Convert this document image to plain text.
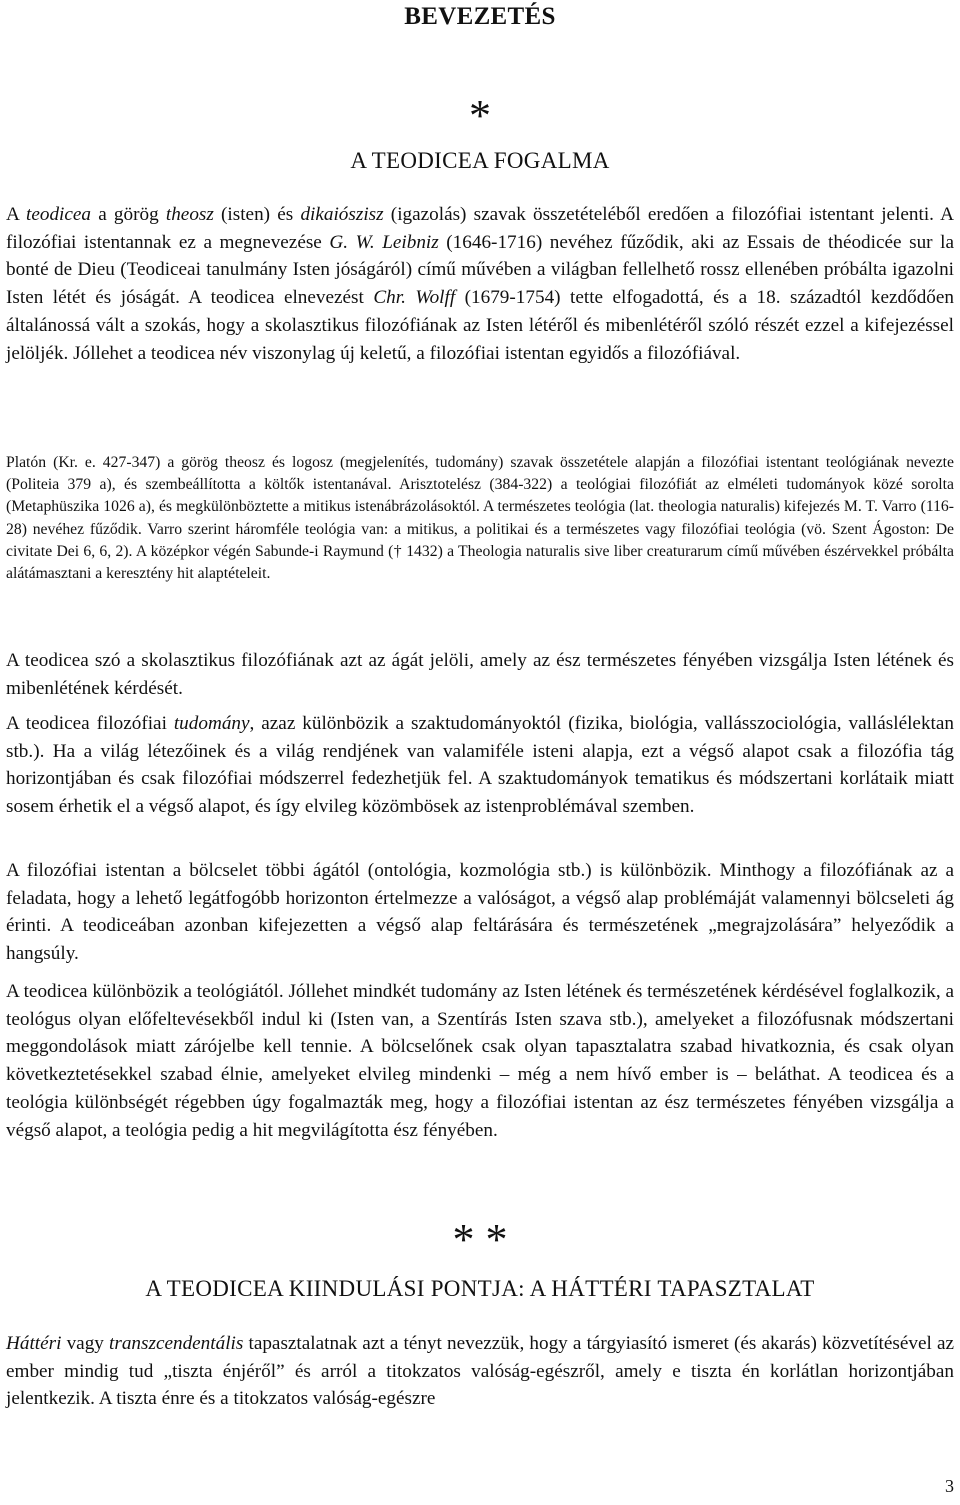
BEVEZETÉS
*
A TEODICEA FOGALMA

A teodicea a görög theosz (isten) és dikaiószisz (igazolás) szavak összetételéből eredően a filozófiai istentant jelenti. A filozófiai istentannak ez a megnevezése G. W. Leibniz (1646-1716) nevéhez fűződik, aki az Essais de théodicée sur la bonté de Dieu (Teodiceai tanulmány Isten jóságáról) című művében a világban fellelhető rossz ellenében próbálta igazolni Isten létét és jóságát. A teodicea elnevezést Chr. Wolff (1679-1754) tette elfogadottá, és a 18. századtól kezdődően általánossá vált a szokás, hogy a skolasztikus filozófiának az Isten létéről és mibenlétéről szóló részét ezzel a kifejezéssel jelöljék. Jóllehet a teodicea név viszonylag új keletű, a filozófiai istentan egyidős a filozófiával.

Platón (Kr. e. 427-347) a görög theosz és logosz (megjelenítés, tudomány) szavak összetétele alapján a filozófiai istentant teológiának nevezte (Politeia 379 a), és szembeállította a költők istentanával. Arisztotelész (384-322) a teológiai filozófiát az elméleti tudományok közé sorolta (Metaphüszika 1026 a), és megkülönböztette a mitikus istenábrázolásoktól. A természetes teológia (lat. theologia naturalis) kifejezés M. T. Varro (116-28) nevéhez fűződik. Varro szerint háromféle teológia van: a mitikus, a politikai és a természetes vagy filozófiai teológia (vö. Szent Ágoston: De civitate Dei 6, 6, 2). A középkor végén Sabunde-i Raymund († 1432) a Theologia naturalis sive liber creaturarum című művében észérvekkel próbálta alátámasztani a keresztény hit alaptételeit.

A teodicea szó a skolasztikus filozófiának azt az ágát jelöli, amely az ész természetes fényében vizsgálja Isten létének és mibenlétének kérdését.

A teodicea filozófiai tudomány, azaz különbözik a szaktudományoktól (fizika, biológia, vallásszociológia, valláslélektan stb.). Ha a világ létezőinek és a világ rendjének van valamiféle isteni alapja, ezt a végső alapot csak a filozófia tág horizontjában és csak filozófiai módszerrel fedezhetjük fel. A szaktudományok tematikus és módszertani korlátaik miatt sosem érhetik el a végső alapot, és így elvileg közömbösek az istenproblémával szemben.

A filozófiai istentan a bölcselet többi ágától (ontológia, kozmológia stb.) is különbözik. Minthogy a filozófiának az a feladata, hogy a lehető legátfogóbb horizonton értelmezze a valóságot, a végső alap problémáját valamennyi bölcseleti ág érinti. A teodiceában azonban kifejezetten a végső alap feltárására és természetének „megrajzolására” helyeződik a hangsúly.

A teodicea különbözik a teológiától. Jóllehet mindkét tudomány az Isten létének és természetének kérdésével foglalkozik, a teológus olyan előfeltevésekből indul ki (Isten van, a Szentírás Isten szava stb.), amelyeket a filozófusnak módszertani meggondolások miatt zárójelbe kell tennie. A bölcselőnek csak olyan tapasztalatra szabad hivatkoznia, és csak olyan következtetésekkel szabad élnie, amelyeket elvileg mindenki – még a nem hívő ember is – beláthat. A teodicea és a teológia különbségét régebben úgy fogalmazták meg, hogy a filozófiai istentan az ész természetes fényében vizsgálja a végső alapot, a teológia pedig a hit megvilágította ész fényében.

* *
A TEODICEA KIINDULÁSI PONTJA: A HÁTTÉRI TAPASZTALAT

Háttéri vagy transzcendentális tapasztalatnak azt a tényt nevezzük, hogy a tárgyiasító ismeret (és akarás) közvetítésével az ember mindig tud „tiszta énjéről” és arról a titokzatos valóság-egészről, amely e tiszta én korlátlan horizontjában jelentkezik. A tiszta énre és a titokzatos valóság-egészre

3
